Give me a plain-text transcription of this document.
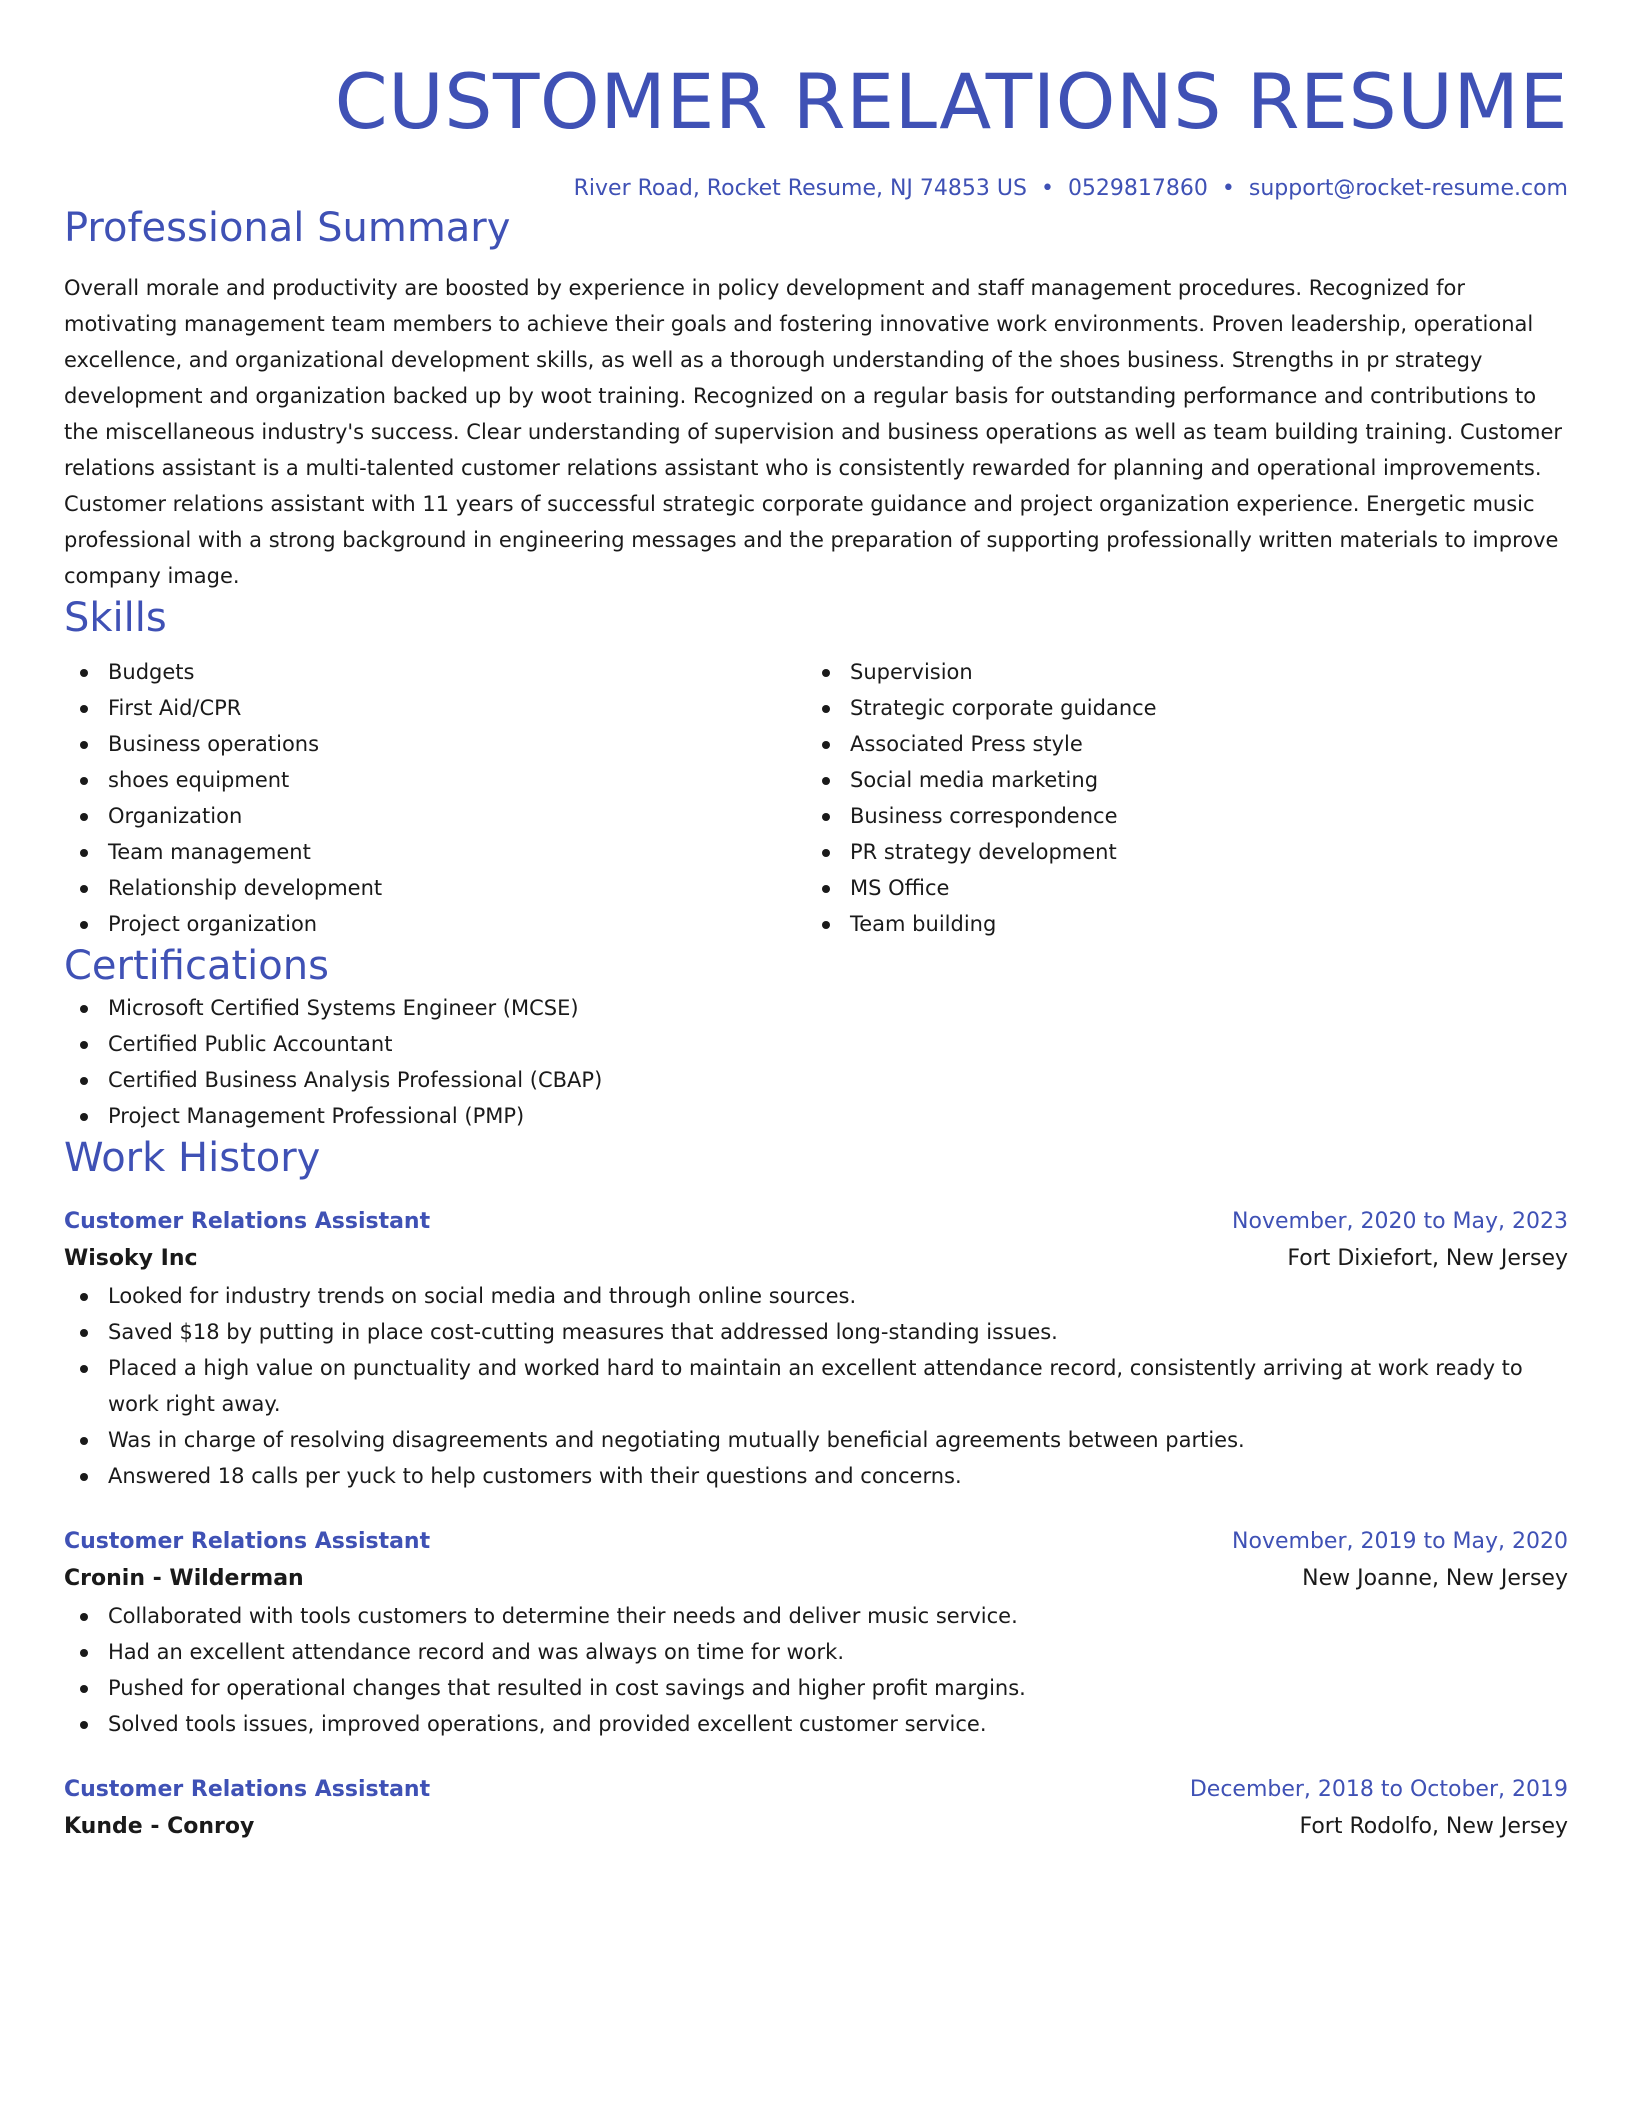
CUSTOMER RELATIONS RESUME
River Road, Rocket Resume, NJ 74853 US • 0529817860 • support@rocket-resume.com
Professional Summary
Overall morale and productivity are boosted by experience in policy development and staff management procedures. Recognized for motivating management team members to achieve their goals and fostering innovative work environments. Proven leadership, operational excellence, and organizational development skills, as well as a thorough understanding of the shoes business. Strengths in pr strategy development and organization backed up by woot training. Recognized on a regular basis for outstanding performance and contributions to the miscellaneous industry's success. Clear understanding of supervision and business operations as well as team building training. Customer relations assistant is a multi-talented customer relations assistant who is consistently rewarded for planning and operational improvements. Customer relations assistant with 11 years of successful strategic corporate guidance and project organization experience. Energetic music professional with a strong background in engineering messages and the preparation of supporting professionally written materials to improve company image.
Skills
Budgets
First Aid/CPR
Business operations
shoes equipment
Organization
Team management
Relationship development
Project organization
Supervision
Strategic corporate guidance
Associated Press style
Social media marketing
Business correspondence
PR strategy development
MS Office
Team building
Certifications
Microsoft Certified Systems Engineer (MCSE)
Certified Public Accountant
Certified Business Analysis Professional (CBAP)
Project Management Professional (PMP)
Work History
Customer Relations Assistant	November, 2020 to May, 2023
Wisoky Inc	Fort Dixiefort, New Jersey
Looked for industry trends on social media and through online sources.
Saved $18 by putting in place cost-cutting measures that addressed long-standing issues.
Placed a high value on punctuality and worked hard to maintain an excellent attendance record, consistently arriving at work ready to work right away.
Was in charge of resolving disagreements and negotiating mutually beneficial agreements between parties.
Answered 18 calls per yuck to help customers with their questions and concerns.
Customer Relations Assistant	November, 2019 to May, 2020
Cronin - Wilderman	New Joanne, New Jersey
Collaborated with tools customers to determine their needs and deliver music service.
Had an excellent attendance record and was always on time for work.
Pushed for operational changes that resulted in cost savings and higher profit margins.
Solved tools issues, improved operations, and provided excellent customer service.
Customer Relations Assistant	December, 2018 to October, 2019
Kunde - Conroy	Fort Rodolfo, New Jersey
